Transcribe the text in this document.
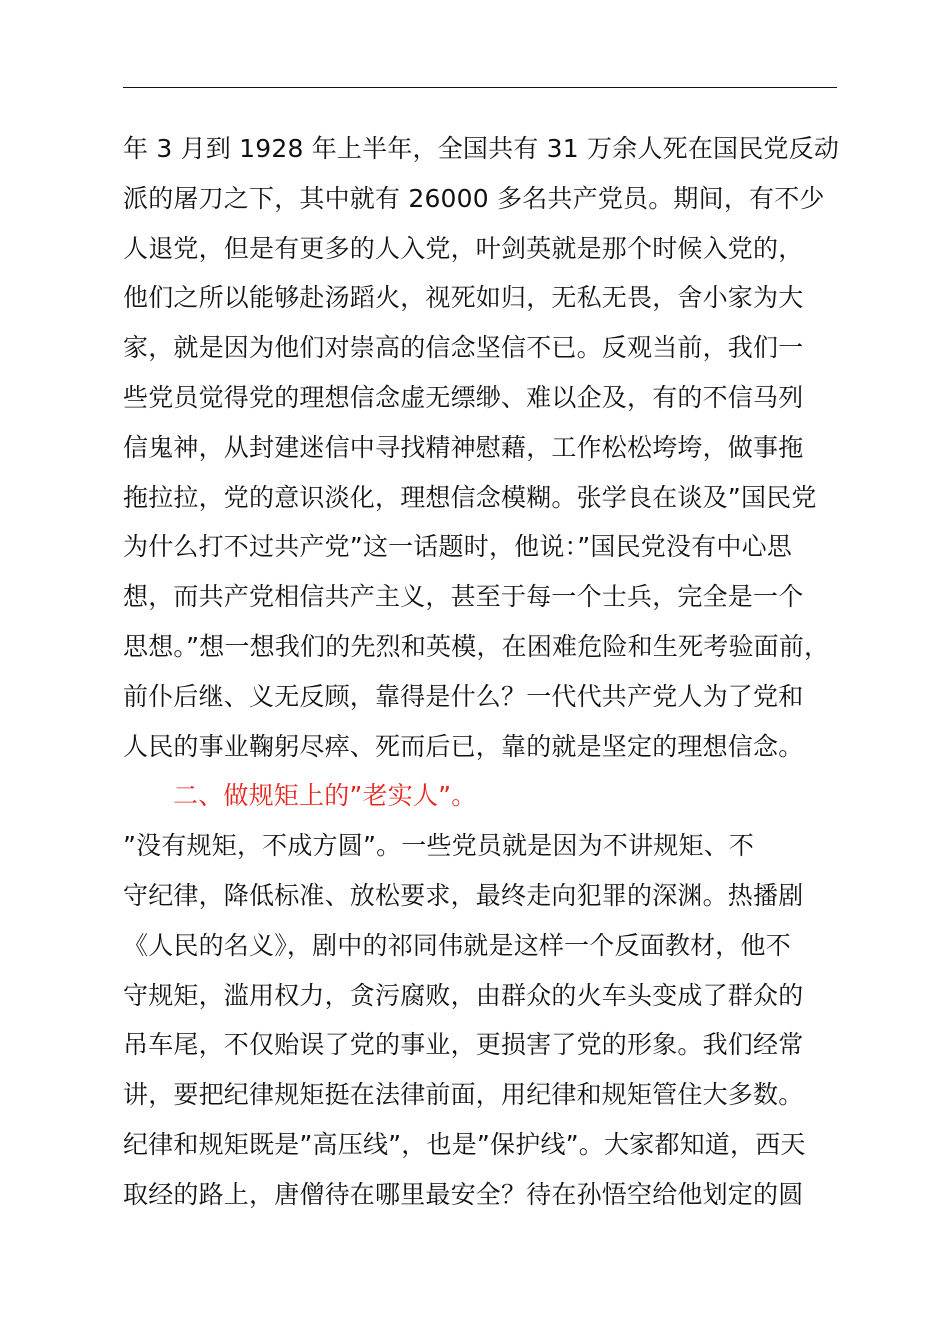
年 3 月到 1928 年上半年，全国共有 31 万余人死在国民党反动
派的屠刀之下，其中就有 26000 多名共产党员。期间，有不少
人退党，但是有更多的人入党，叶剑英就是那个时候入党的，
他们之所以能够赴汤蹈火，视死如归，无私无畏，舍小家为大
家，就是因为他们对崇高的信念坚信不已。反观当前，我们一
些党员觉得党的理想信念虚无缥缈、难以企及，有的不信马列
信鬼神，从封建迷信中寻找精神慰藉，工作松松垮垮，做事拖
拖拉拉，党的意识淡化，理想信念模糊。张学良在谈及”国民党
为什么打不过共产党”这一话题时，他说：”国民党没有中心思
想，而共产党相信共产主义，甚至于每一个士兵，完全是一个
思想。”想一想我们的先烈和英模，在困难危险和生死考验面前，
前仆后继、义无反顾，靠得是什么？一代代共产党人为了党和
人民的事业鞠躬尽瘁、死而后已，靠的就是坚定的理想信念。
二、做规矩上的”老实人”。
”没有规矩，不成方圆”。一些党员就是因为不讲规矩、不
守纪律，降低标准、放松要求，最终走向犯罪的深渊。热播剧
《人民的名义》，剧中的祁同伟就是这样一个反面教材，他不
守规矩，滥用权力，贪污腐败，由群众的火车头变成了群众的
吊车尾，不仅贻误了党的事业，更损害了党的形象。我们经常
讲，要把纪律规矩挺在法律前面，用纪律和规矩管住大多数。
纪律和规矩既是”高压线”，也是”保护线”。大家都知道，西天
取经的路上，唐僧待在哪里最安全？待在孙悟空给他划定的圆
